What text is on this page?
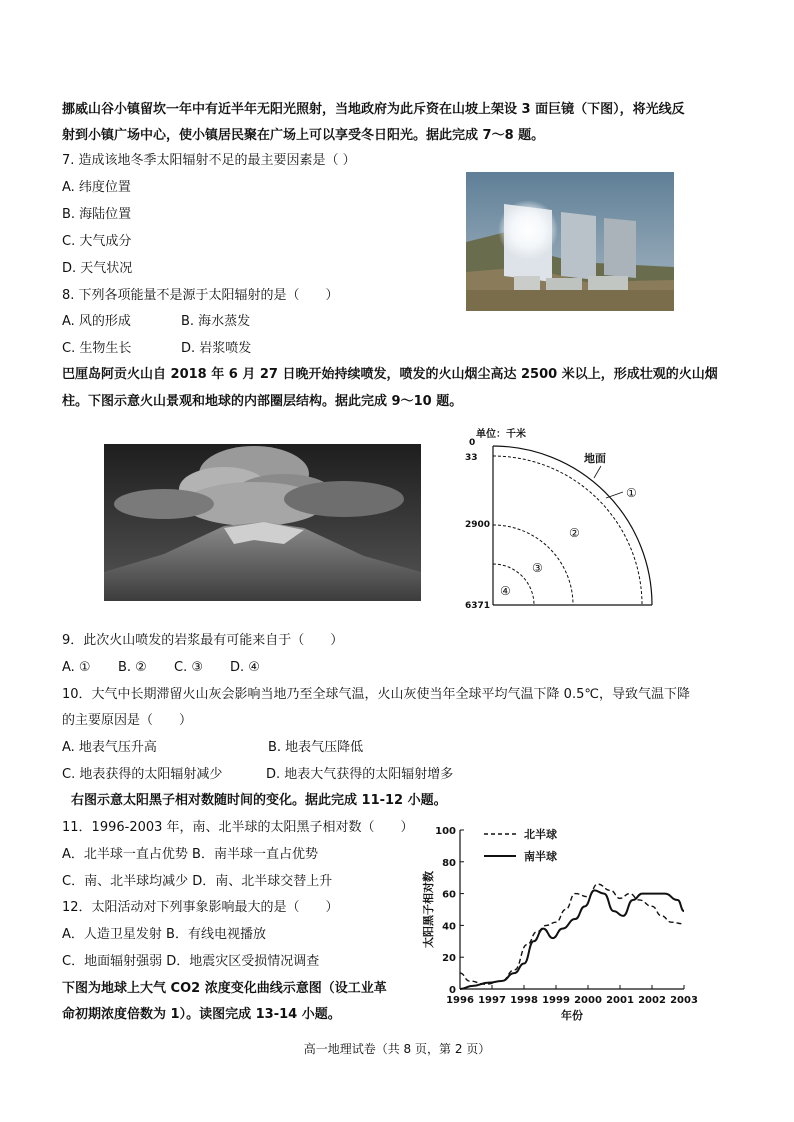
挪威山谷小镇留坎一年中有近半年无阳光照射，当地政府为此斥资在山坡上架设 3 面巨镜（下图），将光线反
射到小镇广场中心，使小镇居民聚在广场上可以享受冬日阳光。据此完成 7～8 题。
7. 造成该地冬季太阳辐射不足的最主要因素是（ ）
A. 纬度位置
B. 海陆位置
C. 大气成分
D. 天气状况
8. 下列各项能量不是源于太阳辐射的是（　　）
A. 风的形成	B. 海水蒸发
C. 生物生长	D. 岩浆喷发
巴厘岛阿贡火山自 2018 年 6 月 27 日晚开始持续喷发，喷发的火山烟尘高达 2500 米以上，形成壮观的火山烟
柱。下图示意火山景观和地球的内部圈层结构。据此完成 9～10 题。
单位：千米
0
33
2900
6371
地面
①
②
③
④
9．此次火山喷发的岩浆最有可能来自于（　　）
A. ① B. ② C. ③ D. ④
10．大气中长期滞留火山灰会影响当地乃至全球气温，火山灰使当年全球平均气温下降 0.5℃，导致气温下降
的主要原因是（　　）
A. 地表气压升高	B. 地表气压降低
C. 地表获得的太阳辐射减少	D. 地表大气获得的太阳辐射增多
右图示意太阳黑子相对数随时间的变化。据此完成 11-12 小题。
11．1996-2003 年，南、北半球的太阳黑子相对数（　　）
A．北半球一直占优势 B．南半球一直占优势
C．南、北半球均减少 D．南、北半球交替上升
12．太阳活动对下列事象影响最大的是（　　）
A．人造卫星发射 B．有线电视播放
C．地面辐射强弱 D．地震灾区受损情况调查
下图为地球上大气 CO2 浓度变化曲线示意图（设工业革
命初期浓度倍数为 1）。读图完成 13-14 小题。
0
20
40
60
80
100
1996 1997 1998 1999 2000 2001 2002 2003
北半球
南半球
太阳黑子相对数
年份
高一地理试卷（共 8 页，第 2 页）
